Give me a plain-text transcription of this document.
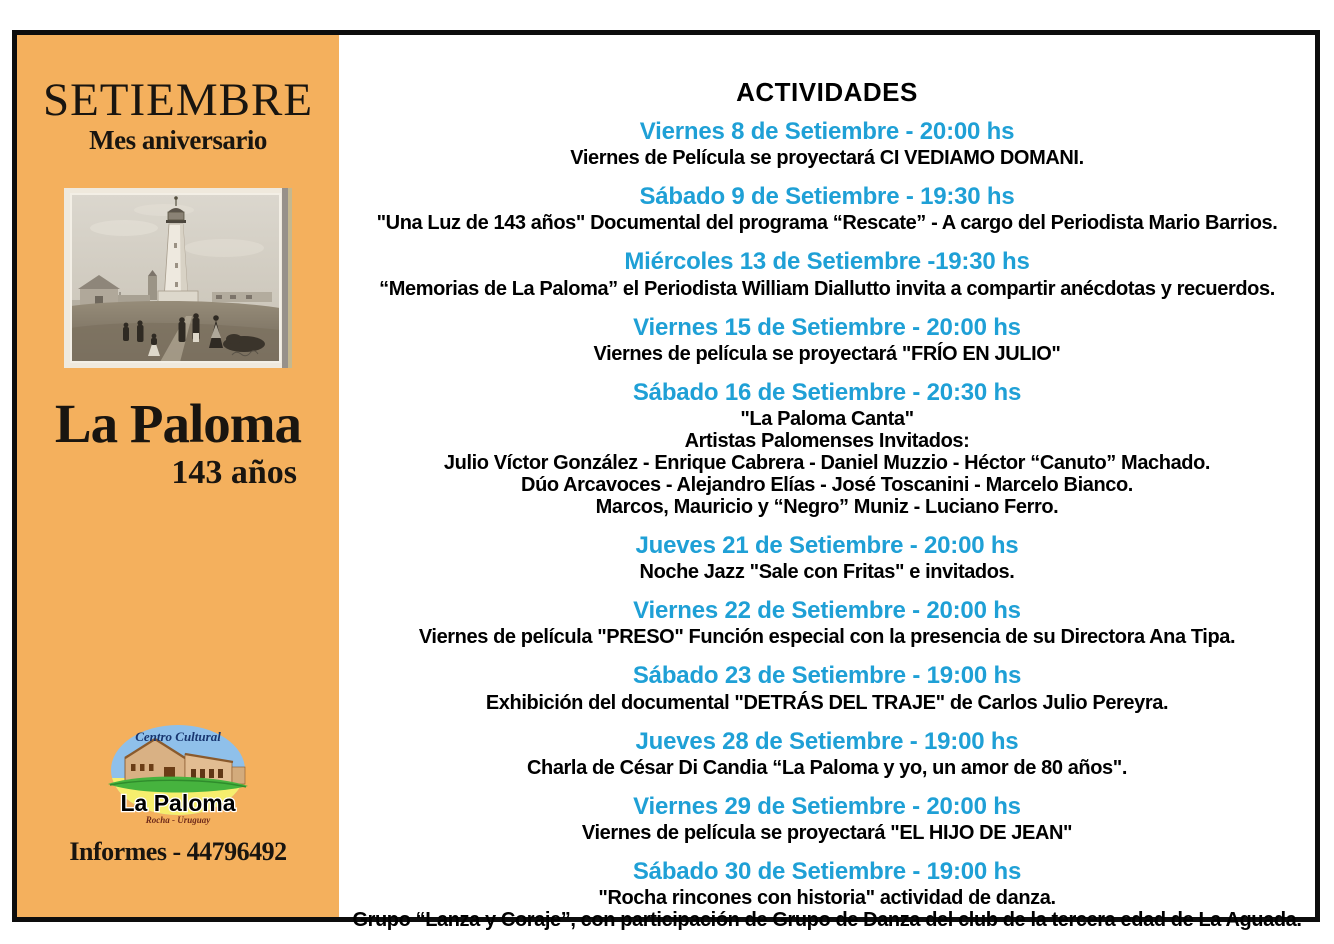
SETIEMBRE
Mes aniversario
La Paloma
143 años
Centro Cultural
La Paloma
Rocha - Uruguay
Informes - 44796492
ACTIVIDADES
Viernes 8 de Setiembre - 20:00 hs
Viernes de Película se proyectará CI VEDIAMO DOMANI.
Sábado 9 de Setiembre - 19:30 hs
"Una Luz de 143 años" Documental del programa “Rescate” - A cargo del Periodista Mario Barrios.
Miércoles 13 de Setiembre -19:30 hs
“Memorias de La Paloma” el Periodista William Diallutto invita a compartir anécdotas y recuerdos.
Viernes 15 de Setiembre - 20:00 hs
Viernes de película se proyectará "FRÍO EN JULIO"
Sábado 16 de Setiembre - 20:30 hs
"La Paloma Canta"
Artistas Palomenses Invitados:
Julio Víctor González - Enrique Cabrera - Daniel Muzzio - Héctor “Canuto” Machado.
Dúo Arcavoces - Alejandro Elías - José Toscanini - Marcelo Bianco.
Marcos, Mauricio y “Negro” Muniz - Luciano Ferro.
Jueves 21 de Setiembre - 20:00 hs
Noche Jazz "Sale con Fritas" e invitados.
Viernes 22 de Setiembre - 20:00 hs
Viernes de película "PRESO" Función especial con la presencia de su Directora Ana Tipa.
Sábado 23 de Setiembre - 19:00 hs
Exhibición del documental "DETRÁS DEL TRAJE" de Carlos Julio Pereyra.
Jueves 28 de Setiembre - 19:00 hs
Charla de César Di Candia “La Paloma y yo, un amor de 80 años".
Viernes 29 de Setiembre - 20:00 hs
Viernes de película se proyectará "EL HIJO DE JEAN"
Sábado 30 de Setiembre - 19:00 hs
"Rocha rincones con historia" actividad de danza.
Grupo “Lanza y Coraje”, con participación de Grupo de Danza del club de la tercera edad de La Aguada.
